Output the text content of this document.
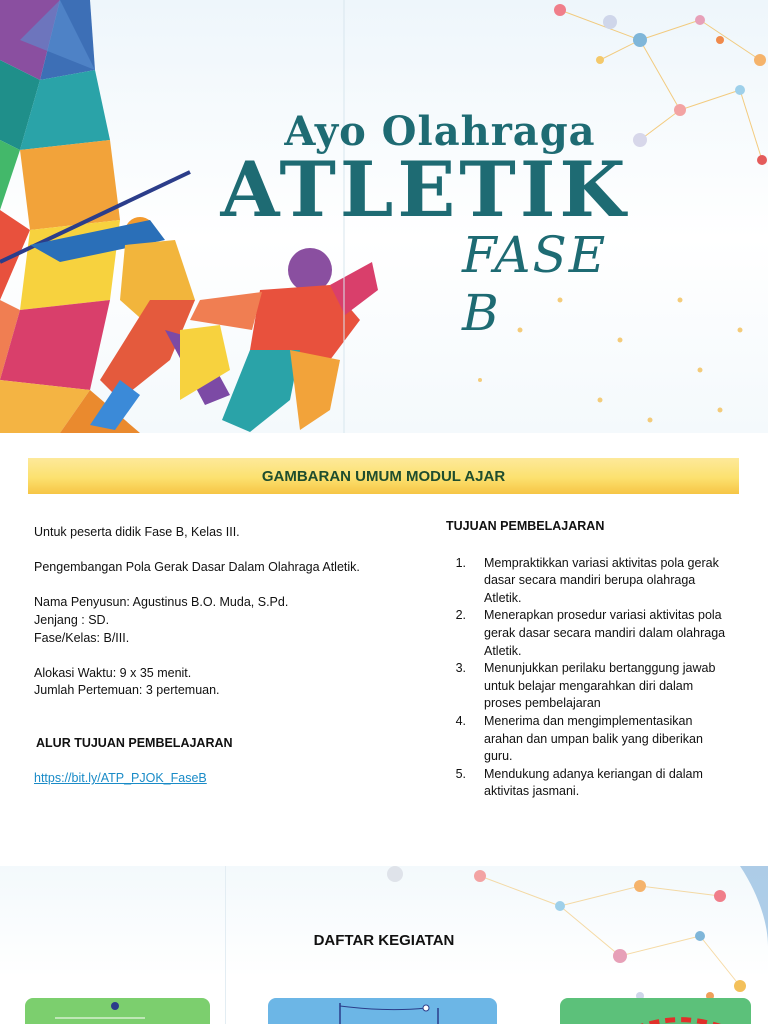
Ayo Olahraga
ATLETIK
FASE B
GAMBARAN UMUM MODUL AJAR

Untuk peserta didik Fase B, Kelas III.

Pengembangan Pola Gerak Dasar Dalam Olahraga Atletik.

Nama Penyusun: Agustinus B.O. Muda, S.Pd.

Jenjang : SD.

Fase/Kelas: B/III.

Alokasi Waktu: 9 x 35 menit.

Jumlah Pertemuan: 3 pertemuan.

ALUR TUJUAN PEMBELAJARAN

https://bit.ly/ATP_PJOK_FaseB

TUJUAN PEMBELAJARAN
1.	Mempraktikkan variasi aktivitas pola gerak dasar secara mandiri berupa olahraga Atletik.
2.	Menerapkan prosedur variasi aktivitas pola gerak dasar secara mandiri dalam olahraga Atletik.
3.	Menunjukkan perilaku bertanggung jawab untuk belajar mengarahkan diri dalam proses pembelajaran
4.	Menerima dan mengimplementasikan arahan dan umpan balik yang diberikan guru.
5.	Mendukung adanya keriangan di dalam aktivitas jasmani.
DAFTAR KEGIATAN
